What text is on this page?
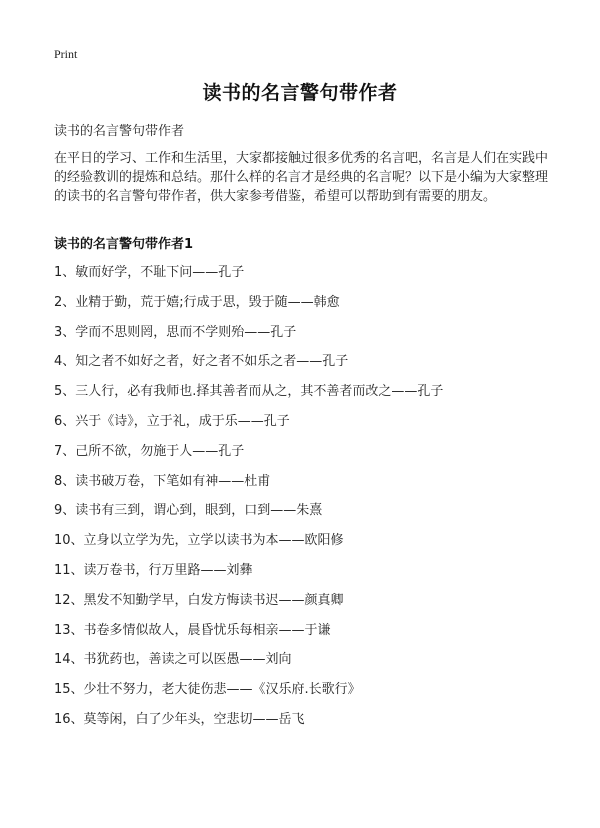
Print
读书的名言警句带作者
读书的名言警句带作者

在平日的学习、工作和生活里，大家都接触过很多优秀的名言吧，名言是人们在实践中的经验教训的提炼和总结。那什么样的名言才是经典的名言呢？以下是小编为大家整理的读书的名言警句带作者，供大家参考借鉴，希望可以帮助到有需要的朋友。

读书的名言警句带作者1
1、敏而好学，不耻下问——孔子
2、业精于勤，荒于嬉;行成于思，毁于随——韩愈
3、学而不思则罔，思而不学则殆——孔子
4、知之者不如好之者，好之者不如乐之者——孔子
5、三人行，必有我师也.择其善者而从之，其不善者而改之——孔子
6、兴于《诗》，立于礼，成于乐——孔子
7、己所不欲，勿施于人——孔子
8、读书破万卷，下笔如有神——杜甫
9、读书有三到，谓心到，眼到，口到——朱熹
10、立身以立学为先，立学以读书为本——欧阳修
11、读万卷书，行万里路——刘彝
12、黑发不知勤学早，白发方悔读书迟——颜真卿
13、书卷多情似故人，晨昏忧乐每相亲——于谦
14、书犹药也，善读之可以医愚——刘向
15、少壮不努力，老大徒伤悲——《汉乐府.长歌行》
16、莫等闲，白了少年头，空悲切——岳飞
